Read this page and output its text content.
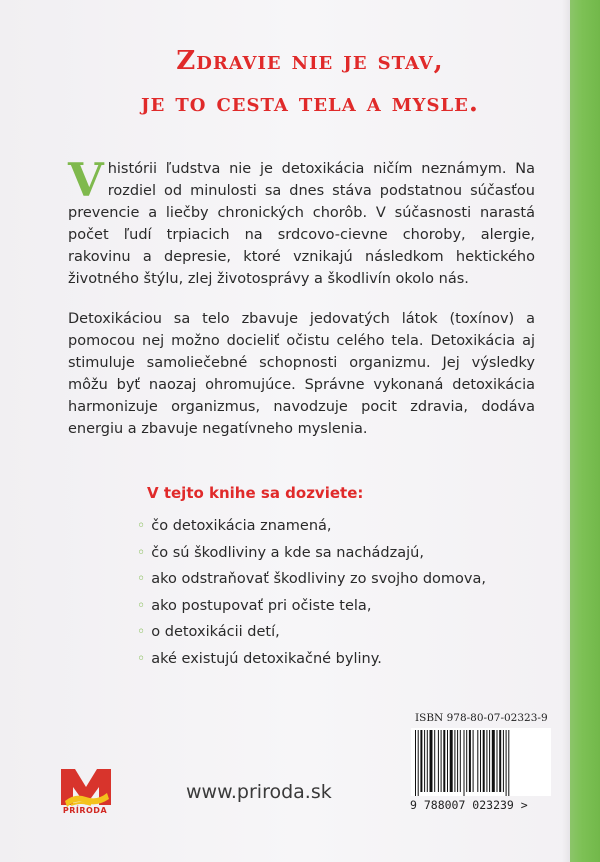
Zdravie nie je stav,
je to cesta tela a mysle.
V histórii ľudstva nie je detoxikácia ničím neznámym. Na rozdiel od minulosti sa dnes stáva podstatnou súčasťou prevencie a liečby chronických chorôb. V súčasnosti narastá počet ľudí trpiacich na srdcovo-cievne choroby, alergie, rakovinu a depresie, ktoré vznikajú následkom hektického životného štýlu, zlej životosprávy a škodlivín okolo nás.
Detoxikáciou sa telo zbavuje jedovatých látok (toxínov) a pomocou nej možno docieliť očistu celého tela. Detoxikácia aj stimuluje samoliečebné schopnosti organizmu. Jej výsledky môžu byť naozaj ohromujúce. Správne vykonaná detoxikácia harmonizuje organizmus, navodzuje pocit zdravia, dodáva energiu a zbavuje negatívneho myslenia.
V tejto knihe sa dozviete:
◦ čo detoxikácia znamená,
◦ čo sú škodliviny a kde sa nachádzajú,
◦ ako odstraňovať škodliviny zo svojho domova,
◦ ako postupovať pri očiste tela,
◦ o detoxikácii detí,
◦ aké existujú detoxikačné byliny.
ISBN 978-80-07-02323-9
9 788007 023239 >
PRÍRODA
www.priroda.sk
